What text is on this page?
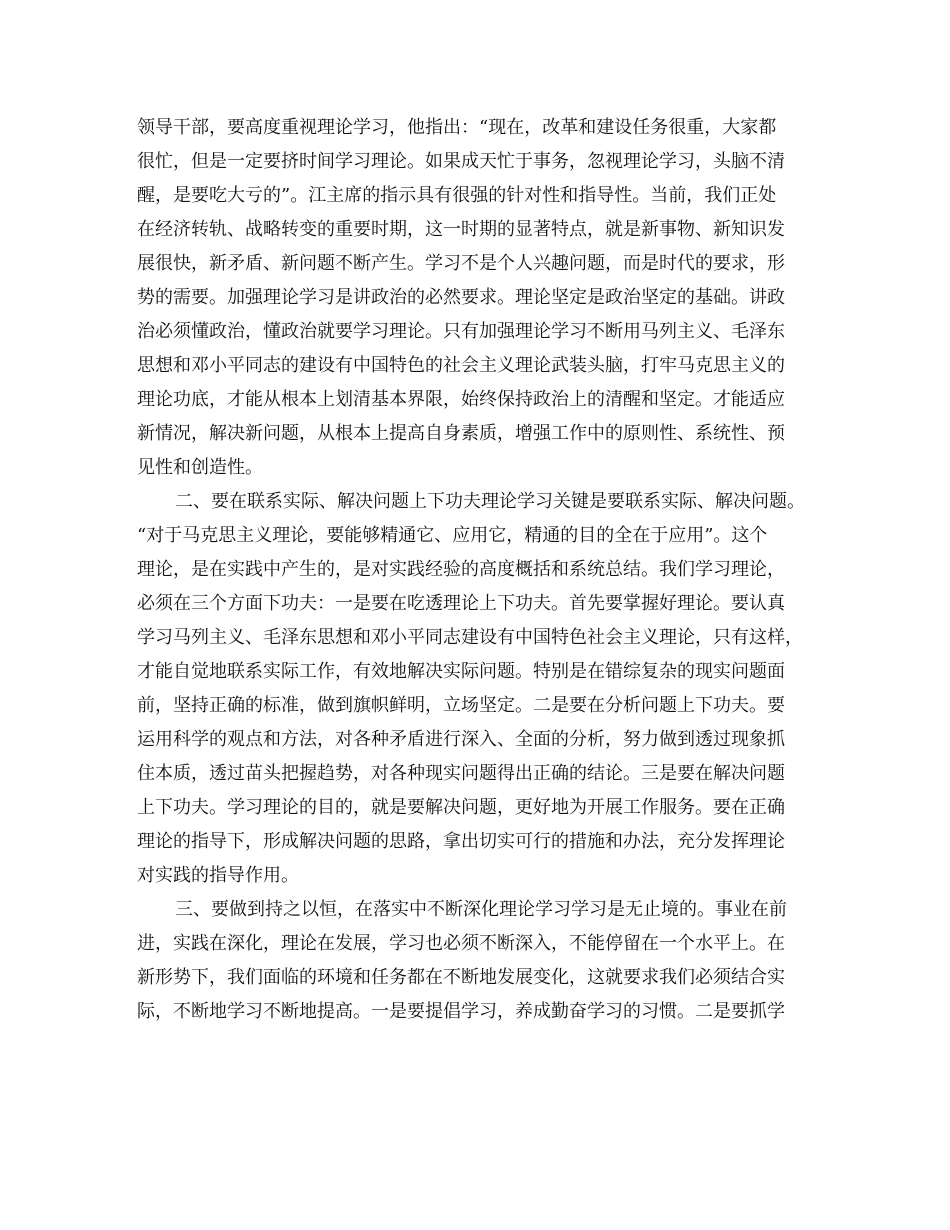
领导干部，要高度重视理论学习，他指出：“现在，改革和建设任务很重，大家都
很忙，但是一定要挤时间学习理论。如果成天忙于事务，忽视理论学习，头脑不清
醒，是要吃大亏的”。江主席的指示具有很强的针对性和指导性。当前，我们正处
在经济转轨、战略转变的重要时期，这一时期的显著特点，就是新事物、新知识发
展很快，新矛盾、新问题不断产生。学习不是个人兴趣问题，而是时代的要求，形
势的需要。加强理论学习是讲政治的必然要求。理论坚定是政治坚定的基础。讲政
治必须懂政治，懂政治就要学习理论。只有加强理论学习不断用马列主义、毛泽东
思想和邓小平同志的建设有中国特色的社会主义理论武装头脑，打牢马克思主义的
理论功底，才能从根本上划清基本界限，始终保持政治上的清醒和坚定。才能适应
新情况，解决新问题，从根本上提高自身素质，增强工作中的原则性、系统性、预
见性和创造性。
二、要在联系实际、解决问题上下功夫理论学习关键是要联系实际、解决问题。
“对于马克思主义理论，要能够精通它、应用它，精通的目的全在于应用”。这个
理论，是在实践中产生的，是对实践经验的高度概括和系统总结。我们学习理论，
必须在三个方面下功夫：一是要在吃透理论上下功夫。首先要掌握好理论。要认真
学习马列主义、毛泽东思想和邓小平同志建设有中国特色社会主义理论，只有这样，
才能自觉地联系实际工作，有效地解决实际问题。特别是在错综复杂的现实问题面
前，坚持正确的标准，做到旗帜鲜明，立场坚定。二是要在分析问题上下功夫。要
运用科学的观点和方法，对各种矛盾进行深入、全面的分析，努力做到透过现象抓
住本质，透过苗头把握趋势，对各种现实问题得出正确的结论。三是要在解决问题
上下功夫。学习理论的目的，就是要解决问题，更好地为开展工作服务。要在正确
理论的指导下，形成解决问题的思路，拿出切实可行的措施和办法，充分发挥理论
对实践的指导作用。
三、要做到持之以恒，在落实中不断深化理论学习学习是无止境的。事业在前
进，实践在深化，理论在发展，学习也必须不断深入，不能停留在一个水平上。在
新形势下，我们面临的环境和任务都在不断地发展变化，这就要求我们必须结合实
际，不断地学习不断地提高。一是要提倡学习，养成勤奋学习的习惯。二是要抓学
